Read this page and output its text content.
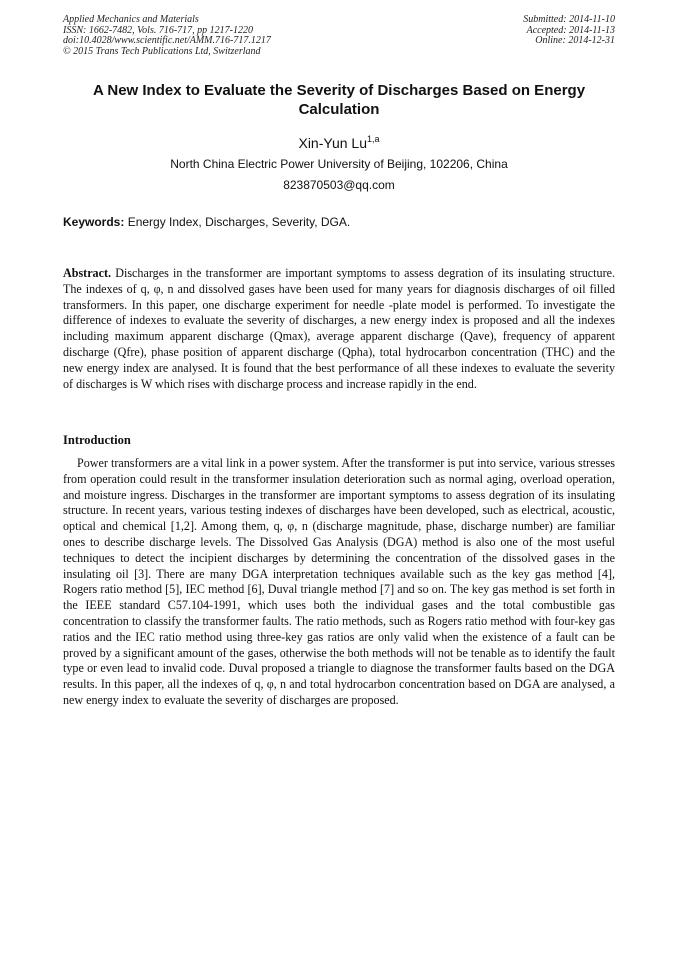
Applied Mechanics and Materials
ISSN: 1662-7482, Vols. 716-717, pp 1217-1220
doi:10.4028/www.scientific.net/AMM.716-717.1217
© 2015 Trans Tech Publications Ltd, Switzerland
Submitted: 2014-11-10
Accepted: 2014-11-13
Online: 2014-12-31
A New Index to Evaluate the Severity of Discharges Based on Energy Calculation
Xin-Yun Lu$^{1,a}$
North China Electric Power University of Beijing, 102206, China
823870503@qq.com
Keywords: Energy Index, Discharges, Severity, DGA.

Abstract. Discharges in the transformer are important symptoms to assess degration of its insulating structure. The indexes of q, φ, n and dissolved gases have been used for many years for diagnosis discharges of oil filled transformers. In this paper, one discharge experiment for needle -plate model is performed. To investigate the difference of indexes to evaluate the severity of discharges, a new energy index is proposed and all the indexes including maximum apparent discharge (Qmax), average apparent discharge (Qave), frequency of apparent discharge (Qfre), phase position of apparent discharge (Qpha), total hydrocarbon concentration (THC) and the new energy index are analysed. It is found that the best performance of all these indexes to evaluate the severity of discharges is W which rises with discharge process and increase rapidly in the end.

Introduction

Power transformers are a vital link in a power system. After the transformer is put into service, various stresses from operation could result in the transformer insulation deterioration such as normal aging, overload operation, and moisture ingress. Discharges in the transformer are important symptoms to assess degration of its insulating structure. In recent years, various testing indexes of discharges have been developed, such as electrical, acoustic, optical and chemical [1,2]. Among them, q, φ, n (discharge magnitude, phase, discharge number) are familiar ones to describe discharge levels. The Dissolved Gas Analysis (DGA) method is also one of the most useful techniques to detect the incipient discharges by determining the concentration of the dissolved gases in the insulating oil [3]. There are many DGA interpretation techniques available such as the key gas method [4], Rogers ratio method [5], IEC method [6], Duval triangle method [7] and so on. The key gas method is set forth in the IEEE standard C57.104-1991, which uses both the individual gases and the total combustible gas concentration to classify the transformer faults. The ratio methods, such as Rogers ratio method with four-key gas ratios and the IEC ratio method using three-key gas ratios are only valid when the existence of a fault can be proved by a significant amount of the gases, otherwise the both methods will not be tenable as to identify the fault type or even lead to invalid code. Duval proposed a triangle to diagnose the transformer faults based on the DGA results. In this paper, all the indexes of q, φ, n and total hydrocarbon concentration based on DGA are analysed, a new energy index to evaluate the severity of discharges are proposed.
